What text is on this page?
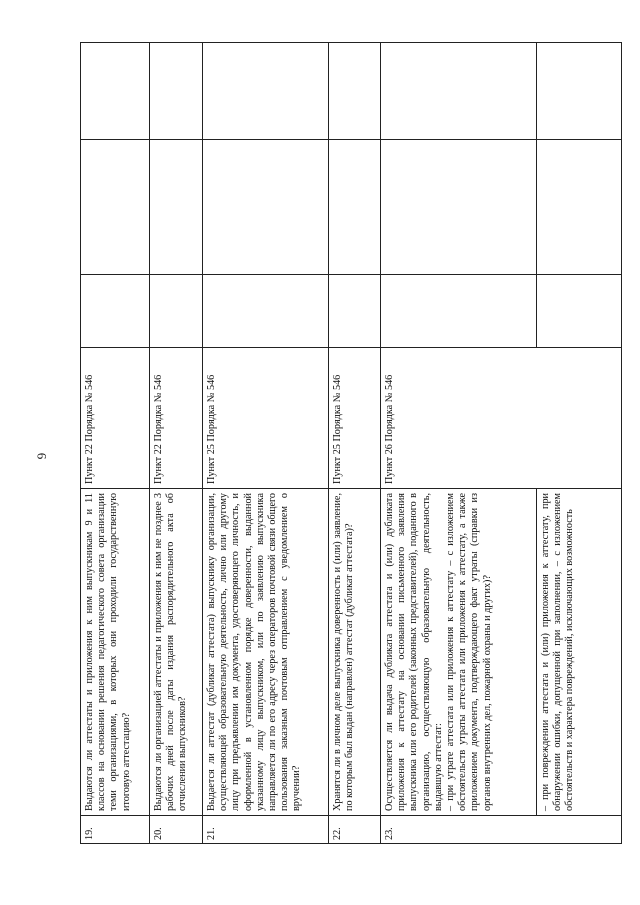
6
19.	Выдаются ли аттестаты и приложения к ним выпускникам 9 и 11 классов на основании решения педагогического совета организации теми организациями, в которых они проходили государственную итоговую аттестацию?	Пункт 22 Порядка № 546			
20.	Выдаются ли организацией аттестаты и приложения к ним не позднее 3 рабочих дней после даты издания распорядительного акта об отчислении выпускников?	Пункт 22 Порядка № 546			
21.	Выдается ли аттестат (дубликат аттестата) выпускнику организации, осуществляющей образовательную деятельность, лично или другому лицу при предъявлении им документа, удостоверяющего личность, и оформленной в установленном порядке доверенности, выданной указанному лицу выпускником, или по заявлению выпускника направляется ли по его адресу через операторов почтовой связи общего пользования заказным почтовым отправлением с уведомлением о вручении?	Пункт 25 Порядка № 546			
22.	Хранятся ли в личном деле выпускника доверенность и (или) заявление, по которым был выдан (направлен) аттестат (дубликат аттестата)?	Пункт 25 Порядка № 546			
23.	Осуществляется ли выдача дубликата аттестата и (или) дубликата приложения к аттестату на основании письменного заявления выпускника или его родителей (законных представителей), поданного в организацию, осуществляющую образовательную деятельность, выдавшую аттестат: – при утрате аттестата или приложения к аттестату – с изложением обстоятельств утраты аттестата или приложения к аттестату, а также приложением документа, подтверждающего факт утраты (справки из органов внутренних дел, пожарной охраны и других)?	Пункт 26 Порядка № 546			
	– при повреждении аттестата и (или) приложения к аттестату, при обнаружении ошибки, допущенной при заполнении, – с изложением обстоятельств и характера повреждений, исключающих возможность				
